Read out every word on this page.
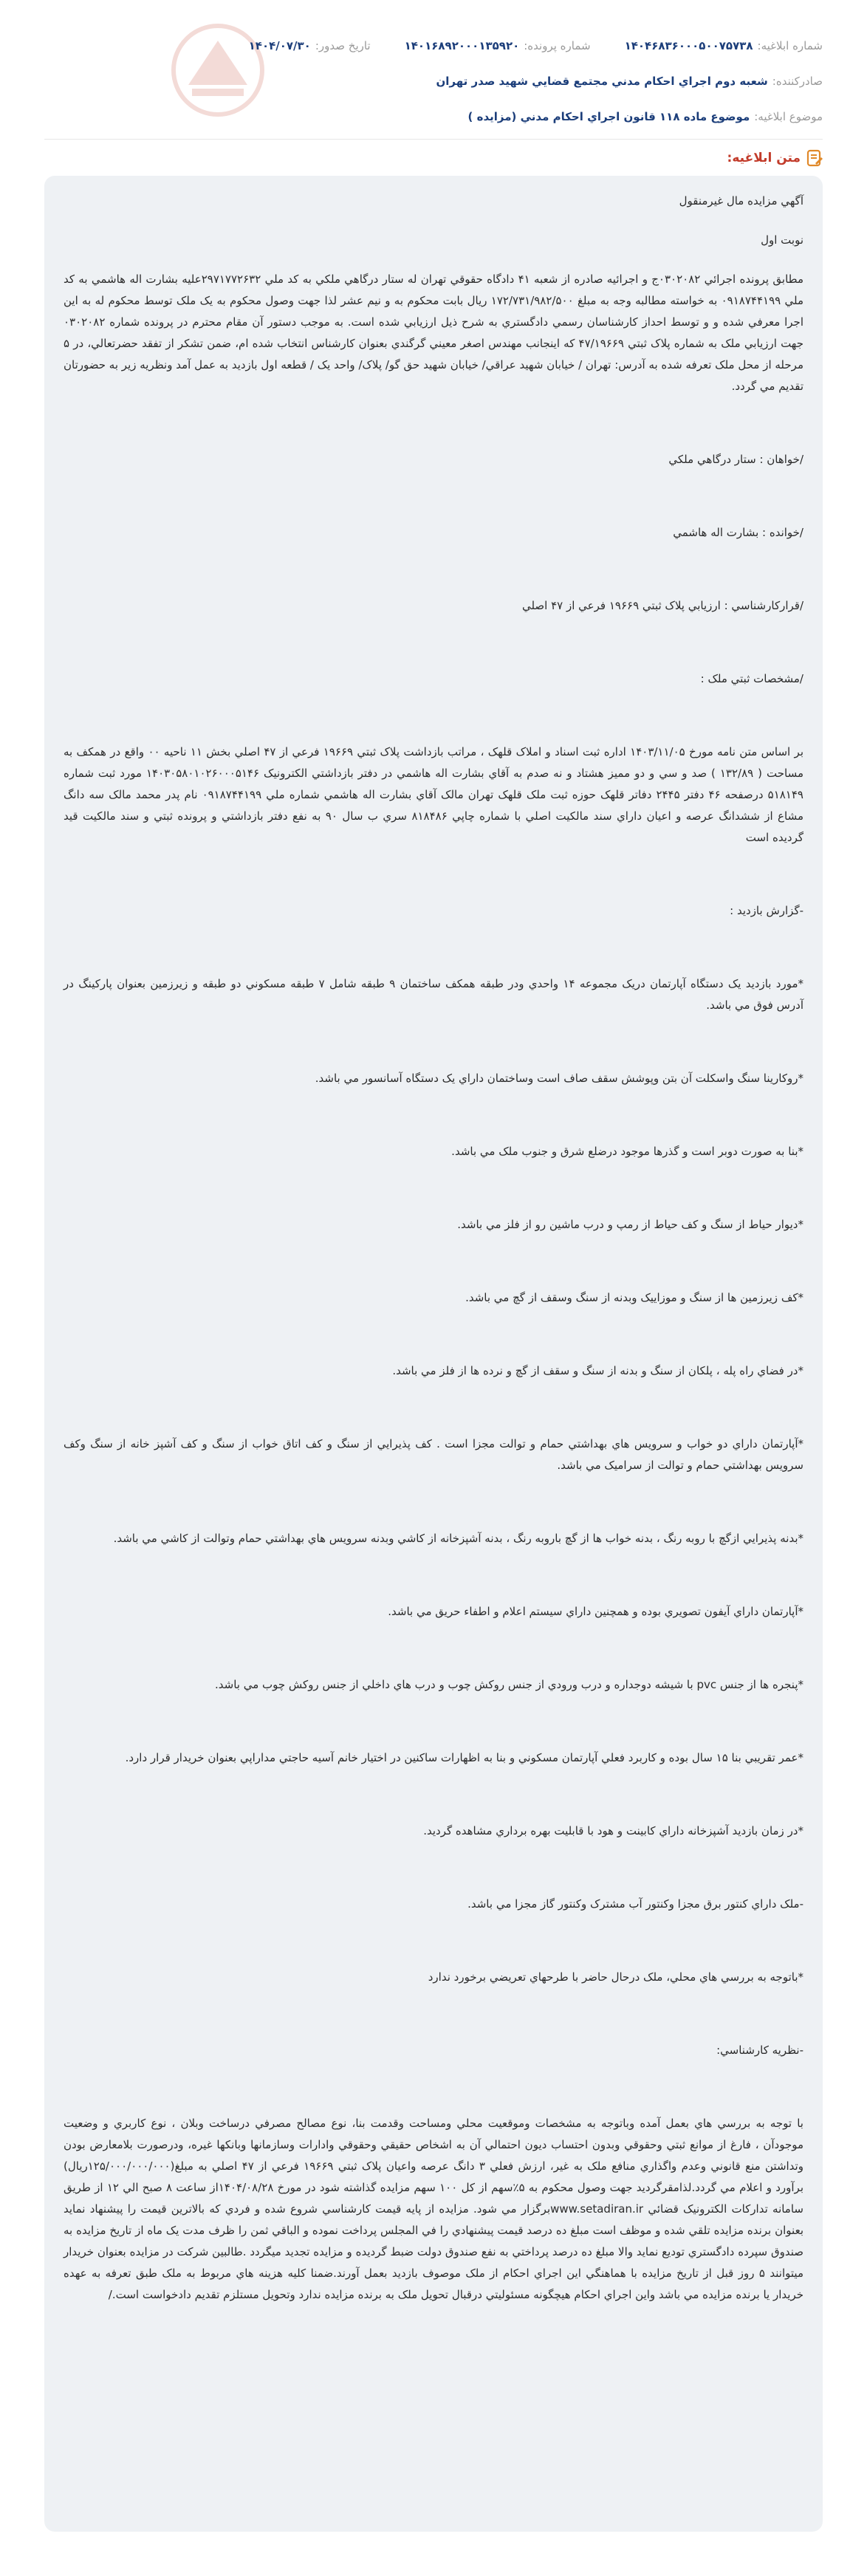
شماره ابلاغيه:
۱۴۰۴۶۸۳۶۰۰۰۵۰۰۷۵۷۳۸
شماره پرونده:
۱۴۰۱۶۸۹۲۰۰۰۱۳۵۹۲۰
تاريخ صدور:
۱۴۰۴/۰۷/۳۰
صادرکننده:
شعبه دوم اجراي احکام مدني مجتمع قضايي شهيد صدر تهران
موضوع ابلاغيه:
موضوع ماده ۱۱۸ قانون اجراي احکام مدني (مزايده )
متن ابلاغيه:

آگهي مزايده مال غيرمنقول

نوبت اول

مطابق پرونده اجرائي ۰۳۰۲۰۸۲ج و اجرائيه صادره از شعبه ۴۱ دادگاه حقوقي تهران له ستار درگاهي ملکي به کد ملي ۲۹۷۱۷۷۲۶۳۲عليه بشارت اله هاشمي به کد ملي ۰۹۱۸۷۴۴۱۹۹ به خواسته مطالبه وجه به مبلغ ۱۷۲/۷۳۱/۹۸۲/۵۰۰ ريال بابت محکوم به و نيم عشر لذا جهت وصول محکوم به يک ملک توسط محکوم له به اين اجرا معرفي شده و و توسط احداز کارشناسان رسمي دادگستري به شرح ذيل ارزيابي شده است. به موجب دستور آن مقام محترم در پرونده شماره ۰۳۰۲۰۸۲ جهت ارزيابي ملک به شماره پلاک ثبتي ۴۷/۱۹۶۶۹ که اينجانب مهندس اصغر معيني گرگندي بعنوان کارشناس انتخاب شده ام، ضمن تشکر از تفقد حضرتعالي، در ۵ مرحله از محل ملک تعرفه شده به آدرس: تهران / خيابان شهيد عراقي/ خيابان شهيد حق گو/ پلاک/ واحد يک / قطعه اول بازديد به عمل آمد ونظريه زير به حضورتان تقديم مي گردد.

/خواهان : ستار درگاهي ملکي

/خوانده : بشارت اله هاشمي

/قرارکارشناسي : ارزيابي پلاک ثبتي ۱۹۶۶۹ فرعي از ۴۷ اصلي

/مشخصات ثبتي ملک :

بر اساس متن نامه مورخ ۱۴۰۳/۱۱/۰۵ اداره ثبت اسناد و املاک قلهک ، مراتب بازداشت پلاک ثبتي ۱۹۶۶۹ فرعي از ۴۷ اصلي بخش ۱۱ ناحيه ۰۰ واقع در همکف به مساحت ( ۱۳۲/۸۹ ) صد و سي و دو مميز هشتاد و نه صدم به آقاي بشارت اله هاشمي در دفتر بازداشتي الکترونيک ۱۴۰۳۰۵۸۰۱۰۲۶۰۰۰۵۱۴۶ مورد ثبت شماره ۵۱۸۱۴۹ درصفحه ۴۶ دفتر ۲۴۴۵ دفاتر قلهک حوزه ثبت ملک قلهک تهران مالک آقاي بشارت اله هاشمي شماره ملي ۰۹۱۸۷۴۴۱۹۹ نام پدر محمد مالک سه دانگ مشاع از ششدانگ عرصه و اعيان داراي سند مالکيت اصلي با شماره چاپي ۸۱۸۴۸۶ سري ب سال ۹۰ به نفع دفتر بازداشتي و پرونده ثبتي و سند مالکيت قيد گرديده است

-گزارش بازديد :

*مورد بازديد يک دستگاه آپارتمان دريک مجموعه ۱۴ واحدي ودر طبقه همکف ساختمان ۹ طبقه شامل ۷ طبقه مسکوني دو طبقه و زيرزمين بعنوان پارکينگ در آدرس فوق مي باشد.

*روکارينا سنگ واسکلت آن بتن وپوشش سقف صاف است وساختمان داراي يک دستگاه آسانسور مي باشد.

*بنا به صورت دوبر است و گذرها موجود درضلع شرق و جنوب ملک مي باشد.

*ديوار حياط از سنگ و کف حياط از رمپ و درب ماشين رو از فلز مي باشد.

*کف زيرزمين ها از سنگ و موزاييک وبدنه از سنگ وسقف از گچ مي باشد.

*در فضاي راه پله ، پلکان از سنگ و بدنه از سنگ و سقف از گچ و نرده ها از فلز مي باشد.

*آپارتمان داراي دو خواب و سرويس هاي بهداشتي حمام و توالت مجزا است . کف پذيرايي از سنگ و کف اتاق خواب از سنگ و کف آشپز خانه از سنگ وکف سرويس بهداشتي حمام و توالت از سراميک مي باشد.

*بدنه پذيرايي ازگچ با روبه رنگ ، بدنه خواب ها از گچ باروبه رنگ ، بدنه آشپزخانه از کاشي وبدنه سرويس هاي بهداشتي حمام وتوالت از کاشي مي باشد.

*آپارتمان داراي آيفون تصويري بوده و همچنين داراي سيستم اعلام و اطفاء حريق مي باشد.

*پنجره ها از جنس pvc با شيشه دوجداره و درب ورودي از جنس روکش چوب و درب هاي داخلي از جنس روکش چوب مي باشد.

*عمر تقريبي بنا ۱۵ سال بوده و کاربرد فعلي آپارتمان مسکوني و بنا به اظهارات ساکنين در اختيار خانم آسيه حاجتي مداراپي بعنوان خريدار قرار دارد.

*در زمان بازديد آشپزخانه داراي کابينت و هود با قابليت بهره برداري مشاهده گرديد.

-ملک داراي کنتور برق مجزا وکنتور آب مشترک وکنتور گاز مجزا مي باشد.

*باتوجه به بررسي هاي محلي، ملک درحال حاضر با طرحهاي تعريضي برخورد ندارد

-نظريه کارشناسي:

با توجه به بررسي هاي بعمل آمده وباتوجه به مشخصات وموقعيت محلي ومساحت وقدمت بنا، نوع مصالح مصرفي درساخت وبلان ، نوع کاربري و وضعيت موجودآن ، فارغ از موانع ثبتي وحقوقي وبدون احتساب ديون احتمالي آن به اشخاص حقيقي وحقوقي وادارات وسازمانها وبانکها غيره، ودرصورت بلامعارض بودن وتداشتن منع قانوني وعدم واگذاري منافع ملک به غير، ارزش فعلي ۳ دانگ عرصه واعيان پلاک ثبتي ۱۹۶۶۹ فرعي از ۴۷ اصلي به مبلغ(۱۲۵/۰۰۰/۰۰۰/۰۰۰ريال) برآورد و اعلام مي گردد.لذامقرگرديد جهت وصول محکوم به ۵٪سهم از کل ۱۰۰ سهم مزايده گذاشته شود در مورخ ۱۴۰۴/۰۸/۲۸از ساعت ۸ صبح الي ۱۲ از طريق سامانه تدارکات الکترونيک قضائي www.setadiran.irبرگزار مي شود. مزايده از پايه قيمت کارشناسي شروع شده و فردي که بالاترين قيمت را پيشنهاد نمايد بعنوان برنده مزايده تلقي شده و موظف است مبلغ ده درصد قيمت پيشنهادي را في المجلس پرداخت نموده و الباقي ثمن را ظرف مدت يک ماه از تاريخ مزايده به صندوق سپرده دادگستري توديع نمايد والا مبلغ ده درصد پرداختي به نفع صندوق دولت ضبط گرديده و مزايده تجديد ميگردد .طالبين شرکت در مزايده بعنوان خريدار ميتوانند ۵ روز قبل از تاريخ مزايده با هماهنگي اين اجراي احکام از ملک موصوف بازديد بعمل آورند.ضمنا کليه هزينه هاي مربوط به ملک طبق تعرفه به عهده خريدار يا برنده مزايده مي باشد واين اجراي احکام هيچگونه مسئوليتي درقبال تحويل ملک به برنده مزايده ندارد وتحويل مستلزم تقديم دادخواست است./
